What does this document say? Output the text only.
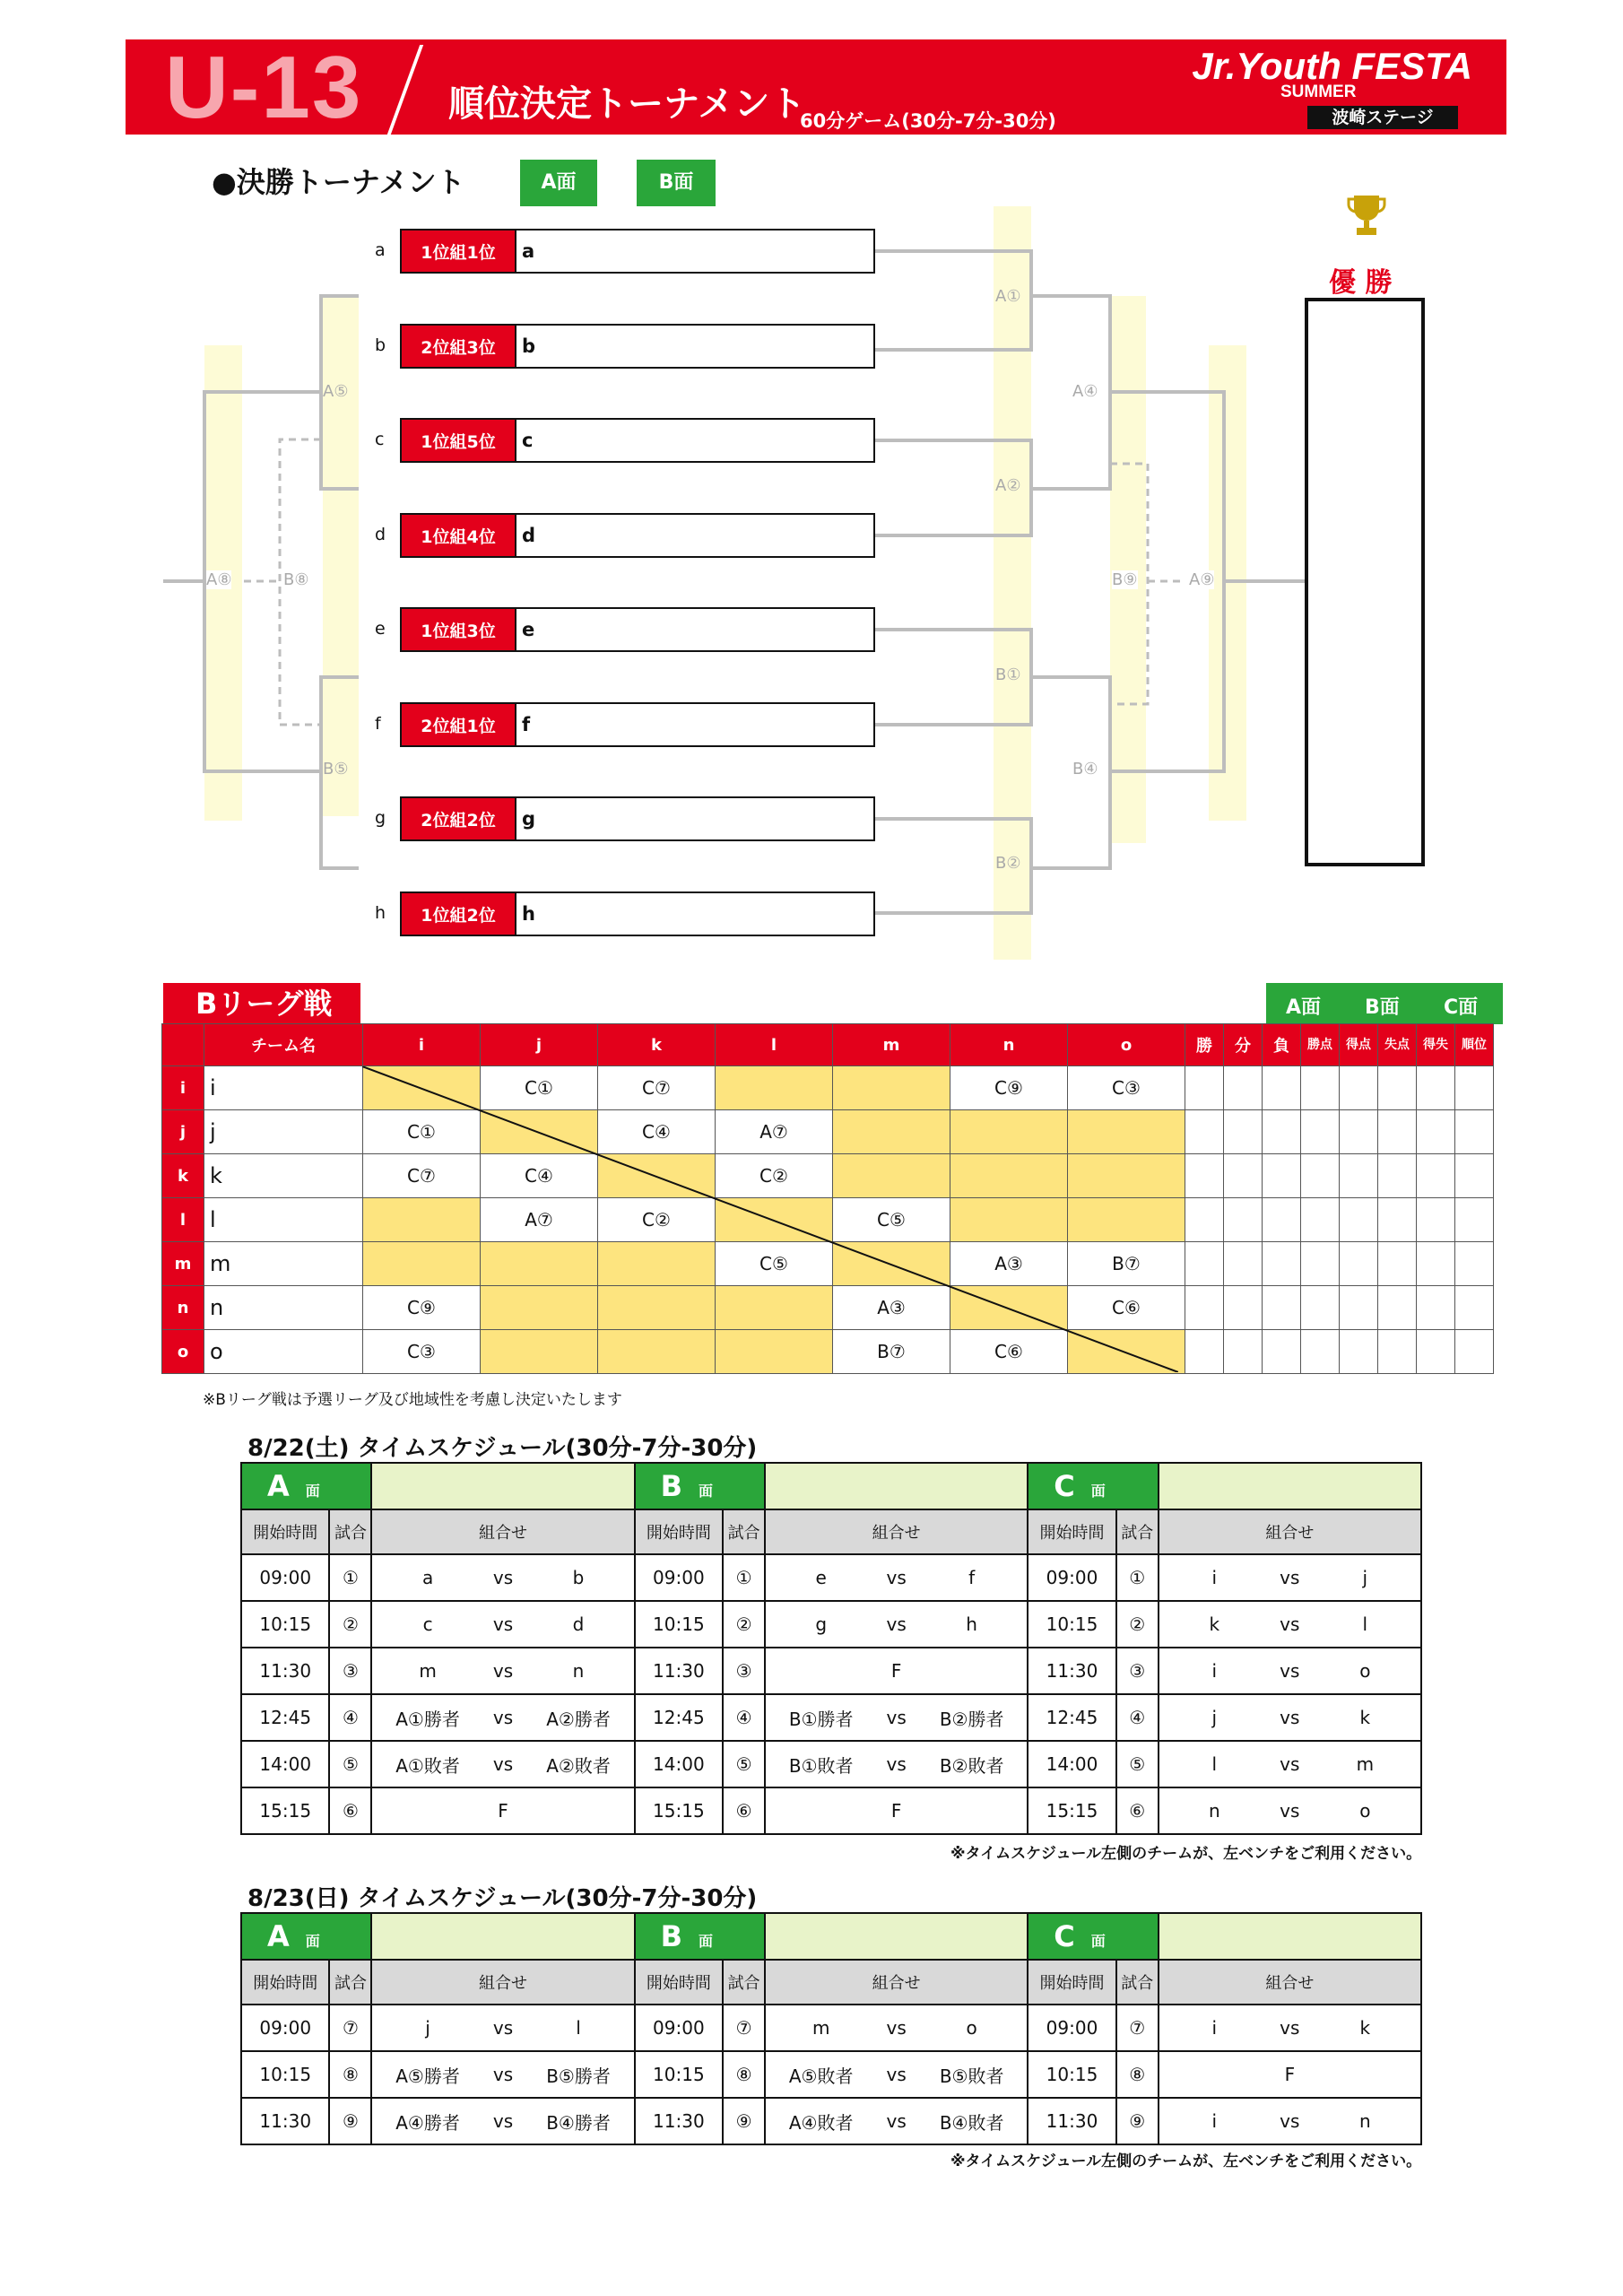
U-13 順位決定トーナメント
60分ゲーム(30分-7分-30分)
Jr.Youth FESTA
SUMMER
波崎ステージ
●決勝トーナメント	A面	B面
A①
A②
B①
B②
A④
B④
A⑤
B⑤
B⑨	A⑨
A⑧	B⑧
a	1位組1位	a
b	2位組3位	b
c	1位組5位	c
d	1位組4位	d
e	1位組3位	e
f	2位組1位	f
g	2位組2位	g
h	1位組2位	h
優 勝
Bリーグ戦	A面 B面 C面
	チーム名	i	j	k	l	m	n	o	勝	分	負	勝点	得点	失点	得失	順位
i	i		C①	C⑦			C⑨	C③								
j	j	C①		C④	A⑦											
k	k	C⑦	C④		C②											
l	l		A⑦	C②		C⑤										
m	m				C⑤		A③	B⑦								
n	n	C⑨				A③		C⑥								
o	o	C③				B⑦	C⑥									
※Bリーグ戦は予選リーグ及び地域性を考慮し決定いたします
8/22(土) タイムスケジュール(30分-7分-30分)
A 面					B 面					C 面				
開始時間	試合	組合せ			開始時間	試合	組合せ			開始時間	試合	組合せ		
09:00	①	a	vs	b	09:00	①	e	vs	f	09:00	①	i	vs	j
10:15	②	c	vs	d	10:15	②	g	vs	h	10:15	②	k	vs	l
11:30	③	m	vs	n	11:30	③	F			11:30	③	i	vs	o
12:45	④	A①勝者	vs	A②勝者	12:45	④	B①勝者	vs	B②勝者	12:45	④	j	vs	k
14:00	⑤	A①敗者	vs	A②敗者	14:00	⑤	B①敗者	vs	B②敗者	14:00	⑤	l	vs	m
15:15	⑥	F			15:15	⑥	F			15:15	⑥	n	vs	o
※タイムスケジュール左側のチームが、左ベンチをご利用ください。
8/23(日) タイムスケジュール(30分-7分-30分)
A 面					B 面					C 面				
開始時間	試合	組合せ			開始時間	試合	組合せ			開始時間	試合	組合せ		
09:00	⑦	j	vs	l	09:00	⑦	m	vs	o	09:00	⑦	i	vs	k
10:15	⑧	A⑤勝者	vs	B⑤勝者	10:15	⑧	A⑤敗者	vs	B⑤敗者	10:15	⑧	F		
11:30	⑨	A④勝者	vs	B④勝者	11:30	⑨	A④敗者	vs	B④敗者	11:30	⑨	i	vs	n
※タイムスケジュール左側のチームが、左ベンチをご利用ください。
